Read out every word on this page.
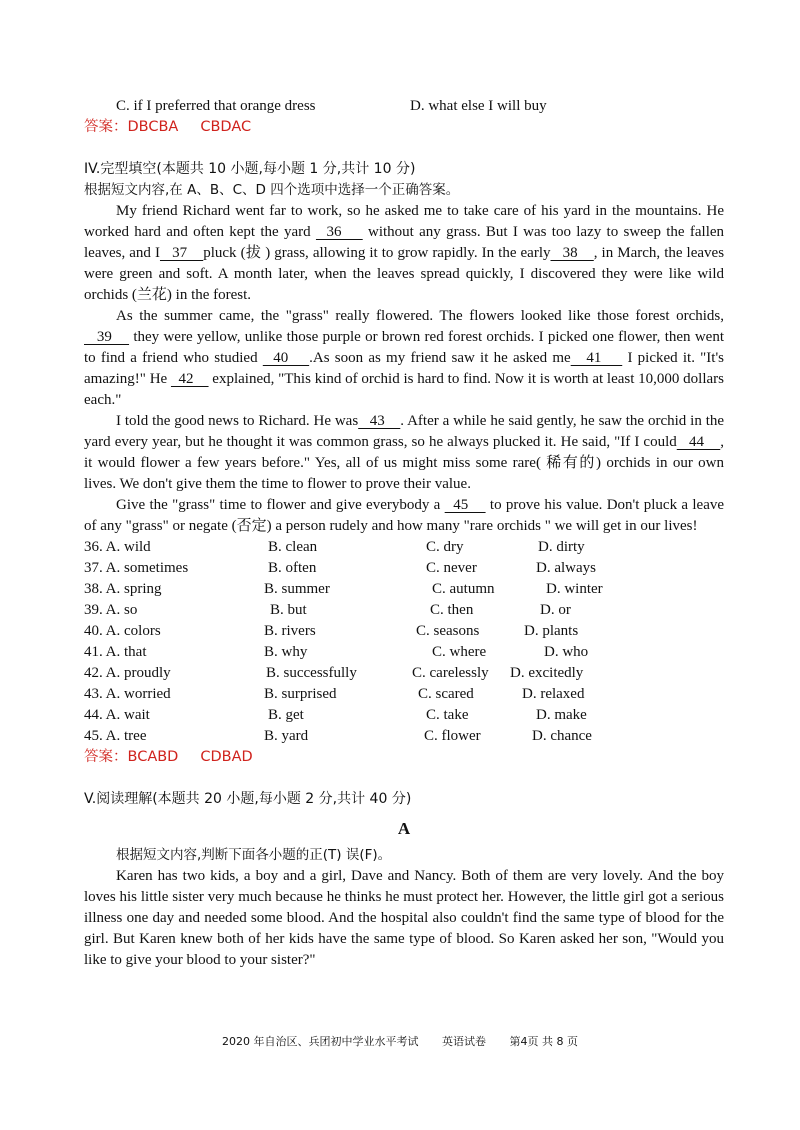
C. if I preferred that orange dress	D. what else I will buy
答案：DBCBA CBDAC
IV.完型填空(本题共 10 小题,每小题 1 分,共计 10 分)
根据短文内容,在 A、B、C、D 四个选项中选择一个正确答案。

My friend Richard went far to work, so he asked me to take care of his yard in the mountains. He worked hard and often kept the yard   36     without any grass. But I was too lazy to sweep the fallen leaves, and I   37    pluck (拔 ) grass, allowing it to grow rapidly. In the early   38    , in March, the leaves were green and soft. A month later, when the leaves spread quickly, I discovered they were like wild orchids (兰花) in the forest.

As the summer came, the "grass" really flowered. The flowers looked like those forest orchids,    39     they were yellow, unlike those purple or brown red forest orchids. I picked one flower, then went to find a friend who studied   40    .As soon as my friend saw it he asked me   41     I picked it. "It's amazing!" He   42     explained, "This kind of orchid is hard to find. Now it is worth at least 10,000 dollars each."

I told the good news to Richard. He was   43    . After a while he said gently, he saw the orchid in the yard every year, but he thought it was common grass, so he always plucked it. He said, "If I could   44    , it would flower a few years before." Yes, all of us might miss some rare( 稀有的) orchids in our own lives. We don't give them the time to flower to prove their value.

Give the "grass" time to flower and give everybody a   45     to prove his value. Don't pluck a leave of any "grass" or negate (否定) a person rudely and how many "rare orchids " we will get in our lives!

36. A. wild	B. clean	C. dry	D. dirty
37. A. sometimes	B. often	C. never	D. always
38. A. spring	B. summer	C. autumn	D. winter
39. A. so	B. but	C. then	D. or
40. A. colors	B. rivers	C. seasons	D. plants
41. A. that	B. why	C. where	D. who
42. A. proudly	B. successfully	C. carelessly D. excitedly
43. A. worried	B. surprised	C. scared	D. relaxed
44. A. wait	B. get	C. take	D. make
45. A. tree	B. yard	C. flower	D. chance
答案：BCABD CDBAD
V.阅读理解(本题共 20 小题,每小题 2 分,共计 40 分)
A
根据短文内容,判断下面各小题的正(T) 误(F)。

Karen has two kids, a boy and a girl, Dave and Nancy. Both of them are very lovely. And the boy loves his little sister very much because he thinks he must protect her. However, the little girl got a serious illness one day and needed some blood. And the hospital also couldn't find the same type of blood for the girl. But Karen knew both of her kids have the same type of blood. So Karen asked her son, "Would you like to give your blood to your sister?"

2020 年自治区、兵团初中学业水平考试 英语试卷 第4页 共 8 页
